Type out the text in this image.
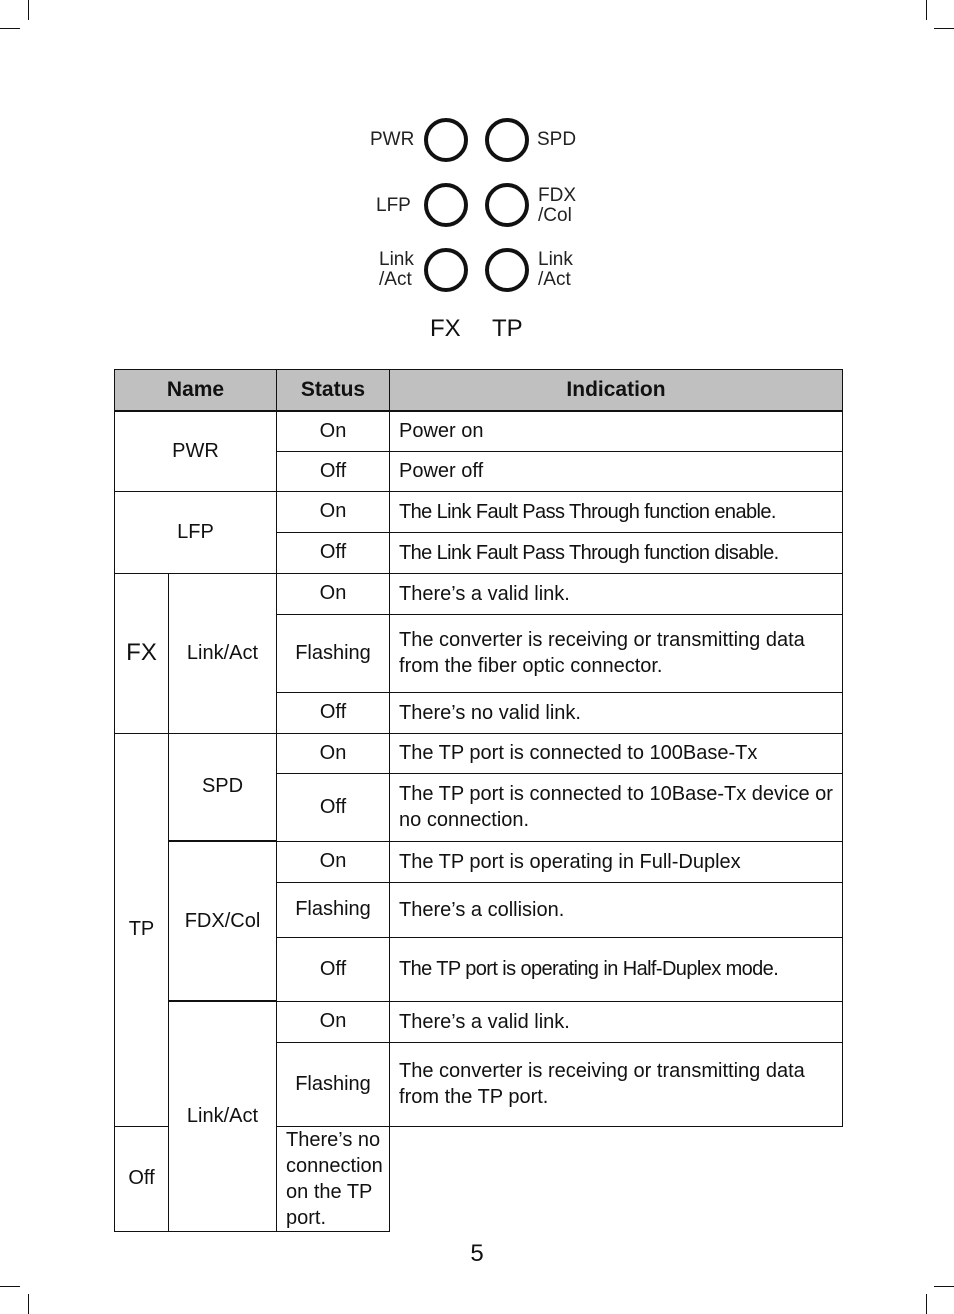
PWR	SPD
LFP	FDX
/Col
Link
/Act
Link
/Act
FX TP
Name		Status	Indication
PWR		On	Power on
		Off	Power off
LFP		On	The Link Fault Pass Through function enable.
		Off	The Link Fault Pass Through function disable.
FX	Link/Act	On	There’s a valid link.
		Flashing	The converter is receiving or transmitting data from the fiber optic connector.
		Off	There’s no valid link.
TP	SPD	On	The TP port is connected to 100Base-Tx
		Off	The TP port is connected to 10Base-Tx device or no connection.
	FDX/Col	On	The TP port is operating in Full-Duplex
		Flashing	There’s a collision.
		Off	The TP port is operating in Half-Duplex mode.
	Link/Act	On	There’s a valid link.
		Flashing	The converter is receiving or transmitting data from the TP port.
Off		There’s no connection on the TP port.	
5
